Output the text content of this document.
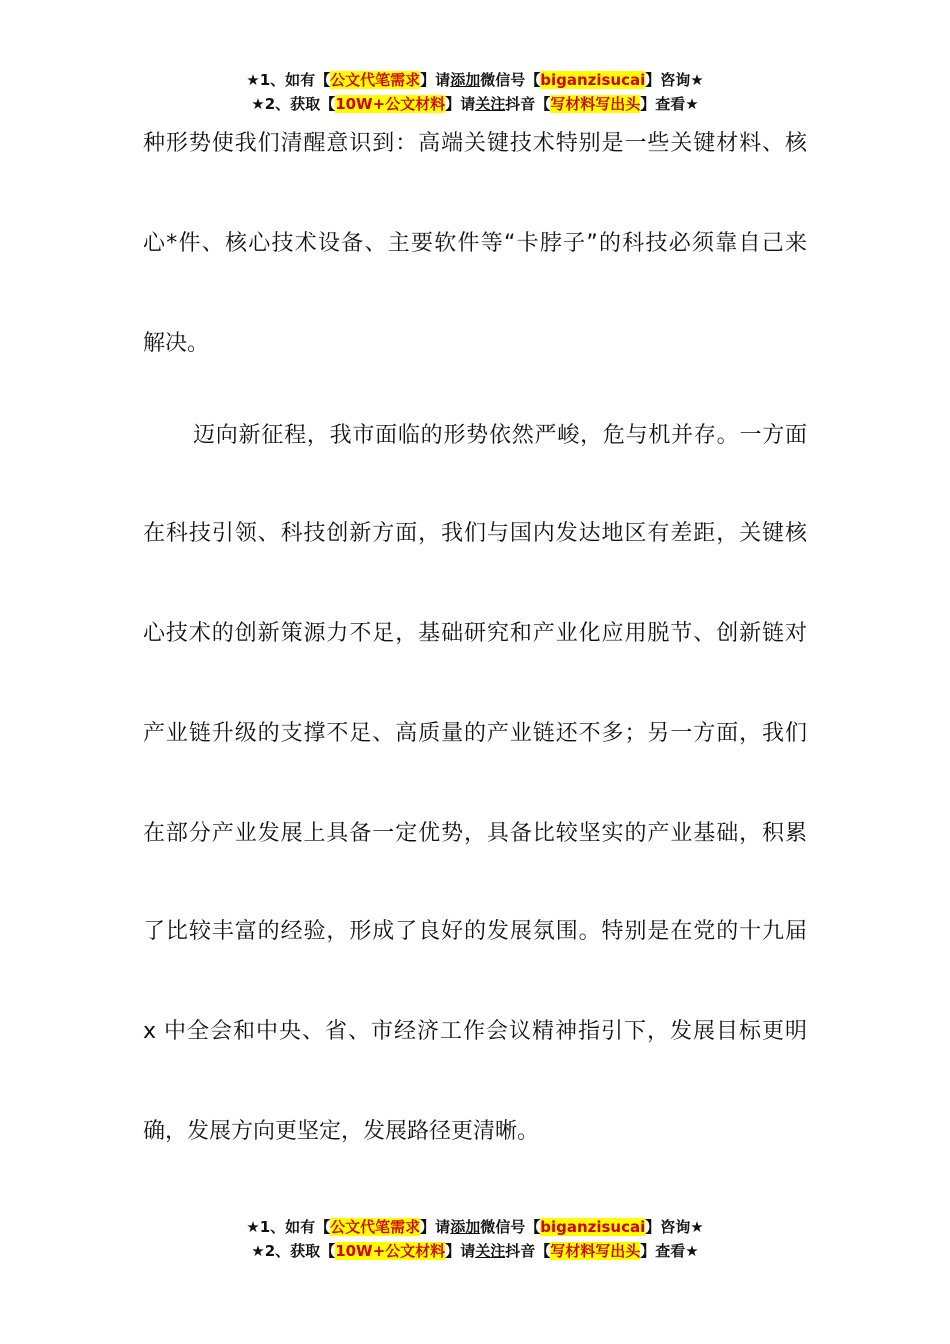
★1、如有【公文代笔需求】请添加微信号【biganzisucai】咨询★
★2、获取【10W+公文材料】请关注抖音【写材料写出头】查看★
种形势使我们清醒意识到：高端关键技术特别是一些关键材料、核
心*件、核心技术设备、主要软件等“卡脖子”的科技必须靠自己来
解决。
迈向新征程，我市面临的形势依然严峻，危与机并存。一方面
在科技引领、科技创新方面，我们与国内发达地区有差距，关键核
心技术的创新策源力不足，基础研究和产业化应用脱节、创新链对
产业链升级的支撑不足、高质量的产业链还不多；另一方面，我们
在部分产业发展上具备一定优势，具备比较坚实的产业基础，积累
了比较丰富的经验，形成了良好的发展氛围。特别是在党的十九届
x 中全会和中央、省、市经济工作会议精神指引下，发展目标更明
确，发展方向更坚定，发展路径更清晰。
★1、如有【公文代笔需求】请添加微信号【biganzisucai】咨询★
★2、获取【10W+公文材料】请关注抖音【写材料写出头】查看★
